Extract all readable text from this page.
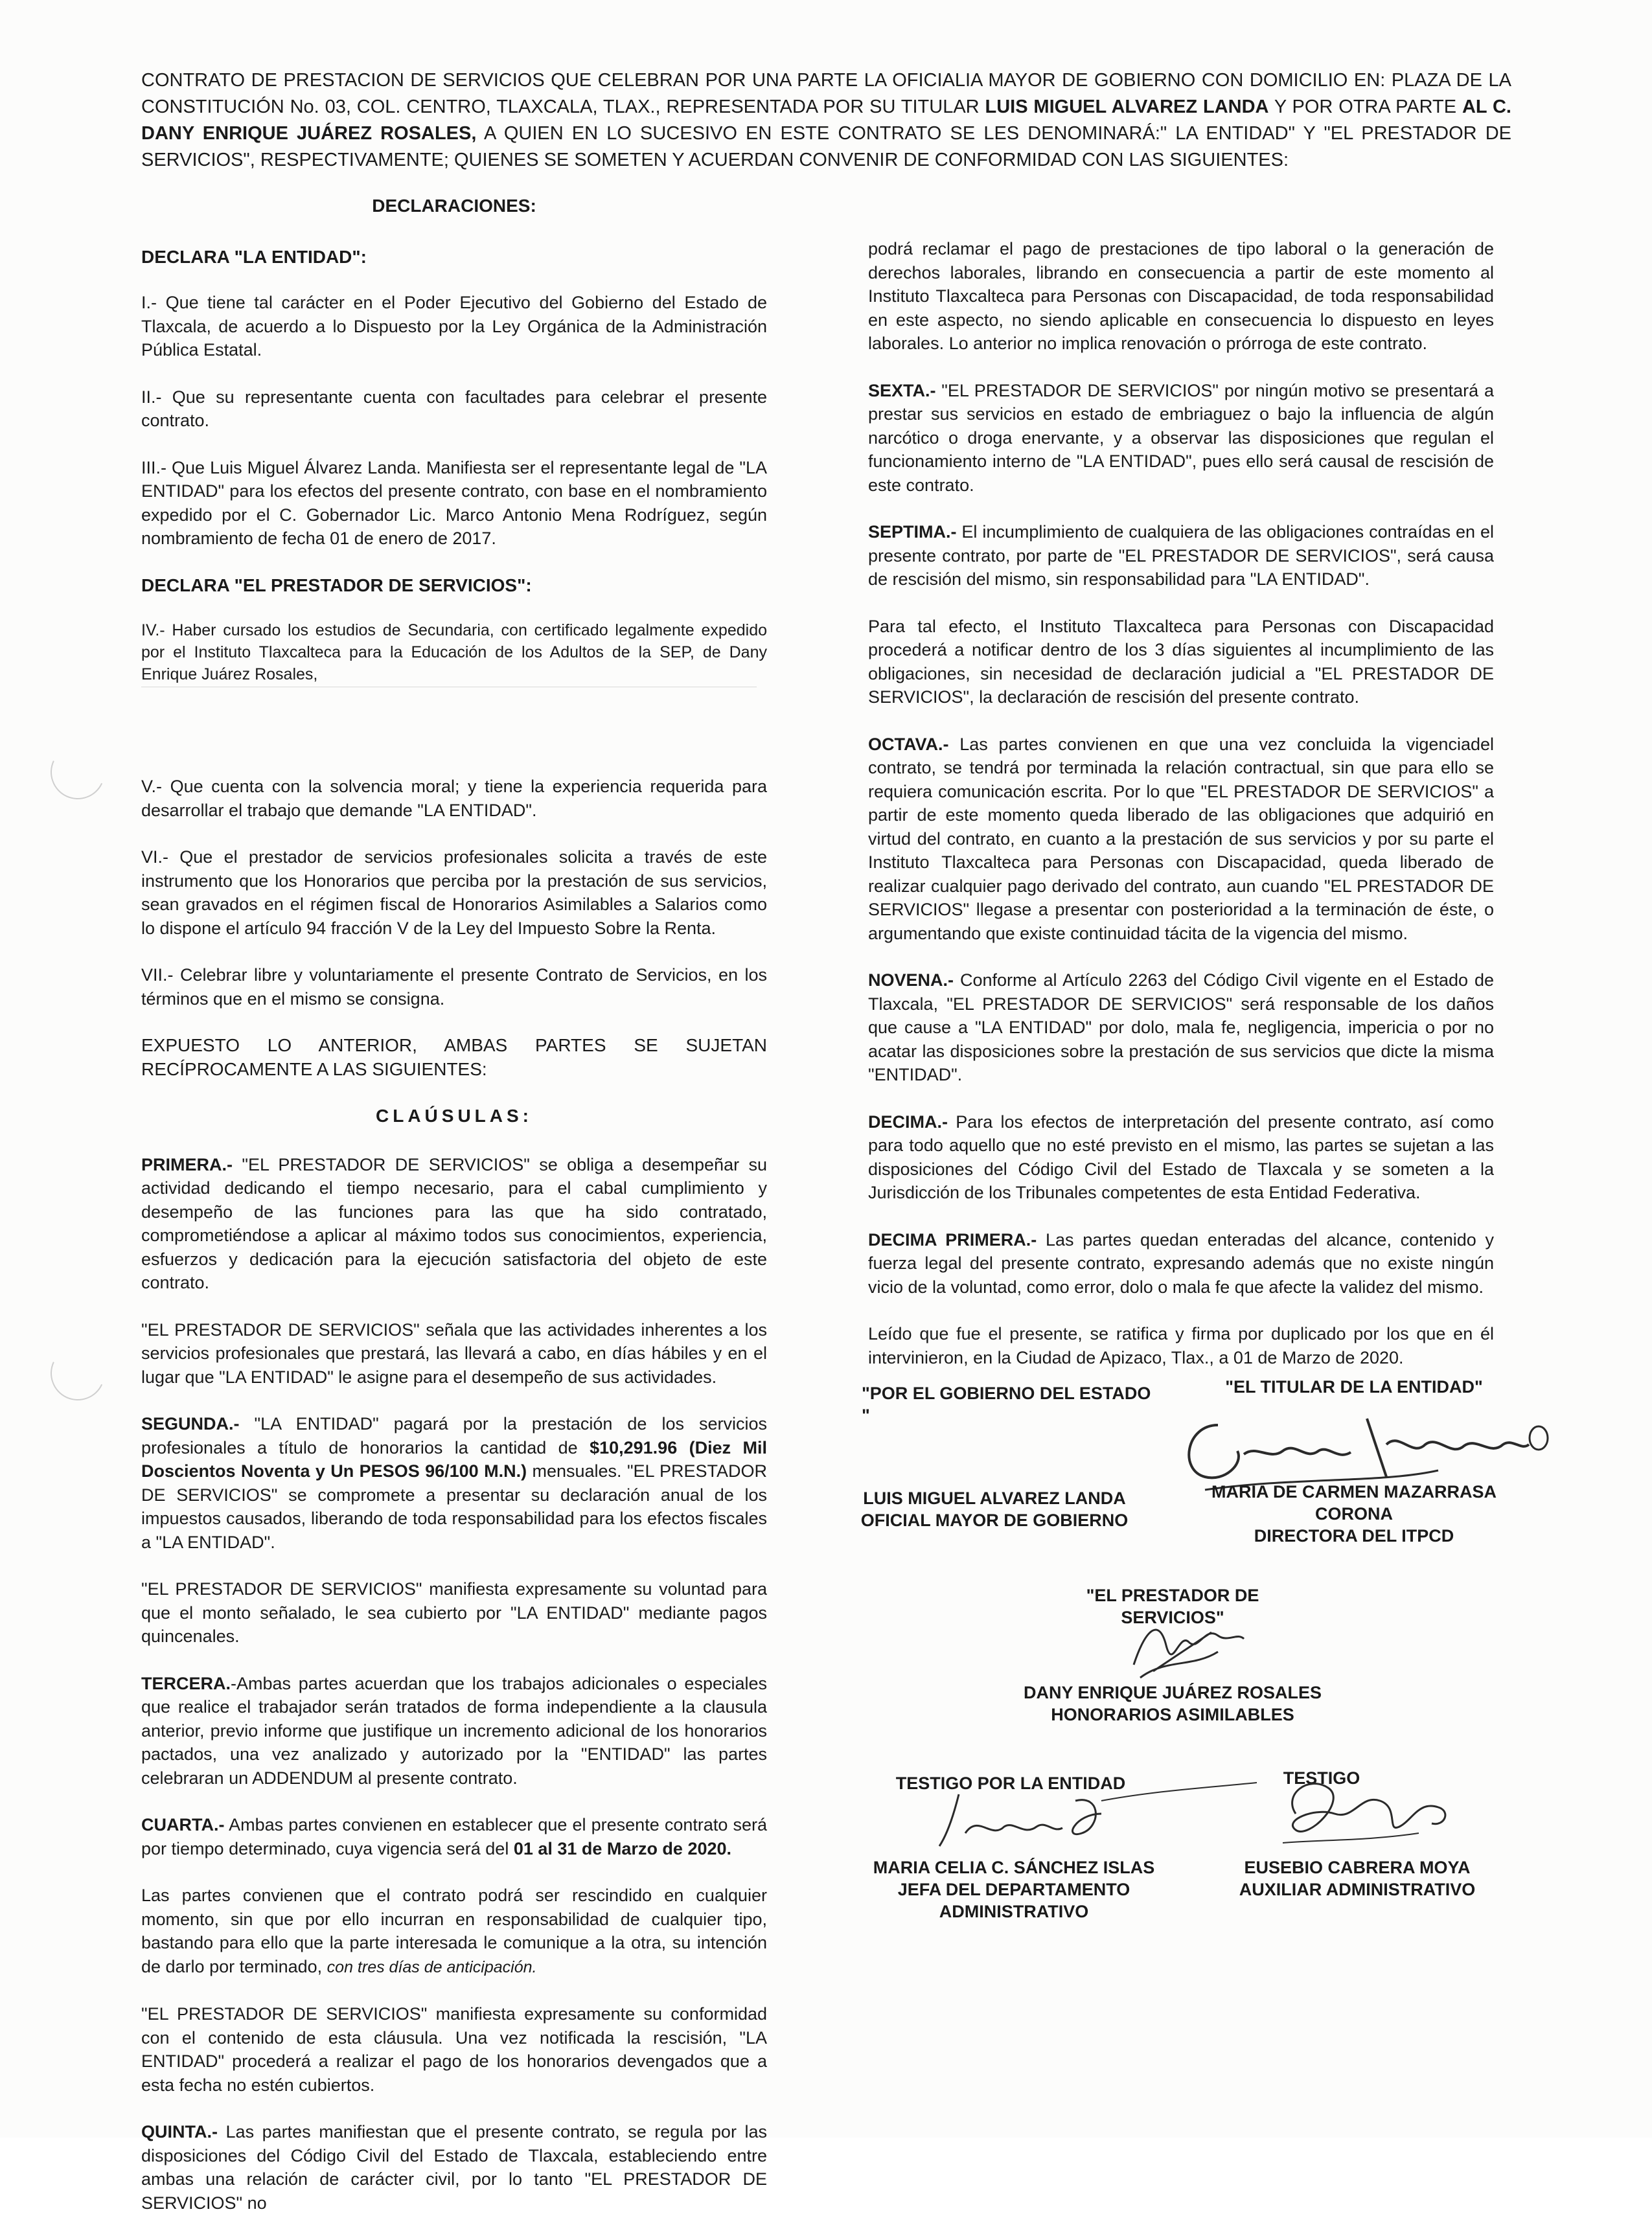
CONTRATO DE PRESTACION DE SERVICIOS QUE CELEBRAN POR UNA PARTE LA OFICIALIA MAYOR DE GOBIERNO CON DOMICILIO EN: PLAZA DE LA CONSTITUCIÓN No. 03, COL. CENTRO, TLAXCALA, TLAX., REPRESENTADA POR SU TITULAR LUIS MIGUEL ALVAREZ LANDA Y POR OTRA PARTE AL C. DANY ENRIQUE JUÁREZ ROSALES, A QUIEN EN LO SUCESIVO EN ESTE CONTRATO SE LES DENOMINARÁ:" LA ENTIDAD" Y "EL PRESTADOR DE SERVICIOS", RESPECTIVAMENTE; QUIENES SE SOMETEN Y ACUERDAN CONVENIR DE CONFORMIDAD CON LAS SIGUIENTES:
DECLARACIONES:
DECLARA "LA ENTIDAD":

I.- Que tiene tal carácter en el Poder Ejecutivo del Gobierno del Estado de Tlaxcala, de acuerdo a lo Dispuesto por la Ley Orgánica de la Administración Pública Estatal.

II.- Que su representante cuenta con facultades para celebrar el presente contrato.

III.- Que Luis Miguel Álvarez Landa. Manifiesta ser el representante legal de "LA ENTIDAD" para los efectos del presente contrato, con base en el nombramiento expedido por el C. Gobernador Lic. Marco Antonio Mena Rodríguez, según nombramiento de fecha 01 de enero de 2017.

DECLARA "EL PRESTADOR DE SERVICIOS":

IV.- Haber cursado los estudios de Secundaria, con certificado legalmente expedido por el Instituto Tlaxcalteca para la Educación de los Adultos de la SEP, de Dany Enrique Juárez Rosales,

V.- Que cuenta con la solvencia moral; y tiene la experiencia requerida para desarrollar el trabajo que demande "LA ENTIDAD".

VI.- Que el prestador de servicios profesionales solicita a través de este instrumento que los Honorarios que perciba por la prestación de sus servicios, sean gravados en el régimen fiscal de Honorarios Asimilables a Salarios como lo dispone el artículo 94 fracción V de la Ley del Impuesto Sobre la Renta.

VII.- Celebrar libre y voluntariamente el presente Contrato de Servicios, en los términos que en el mismo se consigna.

EXPUESTO LO ANTERIOR, AMBAS PARTES SE SUJETAN RECÍPROCAMENTE A LAS SIGUIENTES:

CLAÚSULAS:

PRIMERA.- "EL PRESTADOR DE SERVICIOS" se obliga a desempeñar su actividad dedicando el tiempo necesario, para el cabal cumplimiento y desempeño de las funciones para las que ha sido contratado, comprometiéndose a aplicar al máximo todos sus conocimientos, experiencia, esfuerzos y dedicación para la ejecución satisfactoria del objeto de este contrato.

"EL PRESTADOR DE SERVICIOS" señala que las actividades inherentes a los servicios profesionales que prestará, las llevará a cabo, en días hábiles y en el lugar que "LA ENTIDAD" le asigne para el desempeño de sus actividades.

SEGUNDA.- "LA ENTIDAD" pagará por la prestación de los servicios profesionales a título de honorarios la cantidad de $10,291.96 (Diez Mil Doscientos Noventa y Un PESOS 96/100 M.N.) mensuales. "EL PRESTADOR DE SERVICIOS" se compromete a presentar su declaración anual de los impuestos causados, liberando de toda responsabilidad para los efectos fiscales a "LA ENTIDAD".

"EL PRESTADOR DE SERVICIOS" manifiesta expresamente su voluntad para que el monto señalado, le sea cubierto por "LA ENTIDAD" mediante pagos quincenales.

TERCERA.-Ambas partes acuerdan que los trabajos adicionales o especiales que realice el trabajador serán tratados de forma independiente a la clausula anterior, previo informe que justifique un incremento adicional de los honorarios pactados, una vez analizado y autorizado por la "ENTIDAD" las partes celebraran un ADDENDUM al presente contrato.

CUARTA.- Ambas partes convienen en establecer que el presente contrato será por tiempo determinado, cuya vigencia será del 01 al 31 de Marzo de 2020.

Las partes convienen que el contrato podrá ser rescindido en cualquier momento, sin que por ello incurran en responsabilidad de cualquier tipo, bastando para ello que la parte interesada le comunique a la otra, su intención de darlo por terminado, con tres días de anticipación.

"EL PRESTADOR DE SERVICIOS" manifiesta expresamente su conformidad con el contenido de esta cláusula. Una vez notificada la rescisión, "LA ENTIDAD" procederá a realizar el pago de los honorarios devengados que a esta fecha no estén cubiertos.

QUINTA.- Las partes manifiestan que el presente contrato, se regula por las disposiciones del Código Civil del Estado de Tlaxcala, estableciendo entre ambas una relación de carácter civil, por lo tanto "EL PRESTADOR DE SERVICIOS" no

podrá reclamar el pago de prestaciones de tipo laboral o la generación de derechos laborales, librando en consecuencia a partir de este momento al Instituto Tlaxcalteca para Personas con Discapacidad, de toda responsabilidad en este aspecto, no siendo aplicable en consecuencia lo dispuesto en leyes laborales. Lo anterior no implica renovación o prórroga de este contrato.

SEXTA.- "EL PRESTADOR DE SERVICIOS" por ningún motivo se presentará a prestar sus servicios en estado de embriaguez o bajo la influencia de algún narcótico o droga enervante, y a observar las disposiciones que regulan el funcionamiento interno de "LA ENTIDAD", pues ello será causal de rescisión de este contrato.

SEPTIMA.- El incumplimiento de cualquiera de las obligaciones contraídas en el presente contrato, por parte de "EL PRESTADOR DE SERVICIOS", será causa de rescisión del mismo, sin responsabilidad para "LA ENTIDAD".

Para tal efecto, el Instituto Tlaxcalteca para Personas con Discapacidad procederá a notificar dentro de los 3 días siguientes al incumplimiento de las obligaciones, sin necesidad de declaración judicial a "EL PRESTADOR DE SERVICIOS", la declaración de rescisión del presente contrato.

OCTAVA.- Las partes convienen en que una vez concluida la vigenciadel contrato, se tendrá por terminada la relación contractual, sin que para ello se requiera comunicación escrita. Por lo que "EL PRESTADOR DE SERVICIOS" a partir de este momento queda liberado de las obligaciones que adquirió en virtud del contrato, en cuanto a la prestación de sus servicios y por su parte el Instituto Tlaxcalteca para Personas con Discapacidad, queda liberado de realizar cualquier pago derivado del contrato, aun cuando "EL PRESTADOR DE SERVICIOS" llegase a presentar con posterioridad a la terminación de éste, o argumentando que existe continuidad tácita de la vigencia del mismo.

NOVENA.- Conforme al Artículo 2263 del Código Civil vigente en el Estado de Tlaxcala, "EL PRESTADOR DE SERVICIOS" será responsable de los daños que cause a "LA ENTIDAD" por dolo, mala fe, negligencia, impericia o por no acatar las disposiciones sobre la prestación de sus servicios que dicte la misma "ENTIDAD".

DECIMA.- Para los efectos de interpretación del presente contrato, así como para todo aquello que no esté previsto en el mismo, las partes se sujetan a las disposiciones del Código Civil del Estado de Tlaxcala y se someten a la Jurisdicción de los Tribunales competentes de esta Entidad Federativa.

DECIMA PRIMERA.- Las partes quedan enteradas del alcance, contenido y fuerza legal del presente contrato, expresando además que no existe ningún vicio de la voluntad, como error, dolo o mala fe que afecte la validez del mismo.

Leído que fue el presente, se ratifica y firma por duplicado por los que en él intervinieron, en la Ciudad de Apizaco, Tlax., a 01 de Marzo de 2020.

"POR EL GOBIERNO DEL ESTADO "
"EL TITULAR DE LA ENTIDAD"
LUIS MIGUEL ALVAREZ LANDA
OFICIAL MAYOR DE GOBIERNO
MARIA DE CARMEN MAZARRASA
CORONA
DIRECTORA DEL ITPCD
"EL PRESTADOR DE SERVICIOS"
DANY ENRIQUE JUÁREZ ROSALES
HONORARIOS ASIMILABLES
TESTIGO POR LA ENTIDAD	TESTIGO
MARIA CELIA C. SÁNCHEZ ISLAS
JEFA DEL DEPARTAMENTO
ADMINISTRATIVO
EUSEBIO CABRERA MOYA
AUXILIAR ADMINISTRATIVO
